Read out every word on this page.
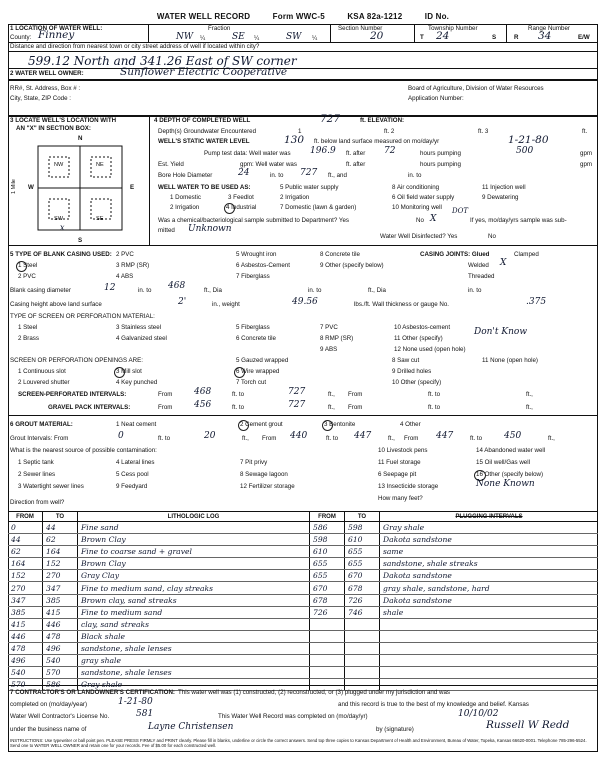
WATER WELL RECORD	Form WWC-5	KSA 82a-1212	ID No.
1 LOCATION OF WATER WELL:
County: Finney
Fraction
NW ¼	SE ¼	SW ¼
Section Number
20
Township Number
T 24	S
Range Number
R 34	E/W
Distance and direction from nearest town or city street address of well if located within city?
599.12 North and 341.26 East of SW corner
2 WATER WELL OWNER:	Sunflower Electric Cooperative
RR#, St. Address, Box # :
City, State, ZIP Code :
Board of Agriculture, Division of Water Resources
Application Number:
3 LOCATE WELL'S LOCATION WITH
AN "X" IN SECTION BOX:
N
S
W	E
NW	NE
SW	SE
x
1 Mile
4 DEPTH OF COMPLETED WELL	727	ft. ELEVATION:
Depth(s) Groundwater Encountered	1	ft. 2	ft. 3	ft.
WELL'S STATIC WATER LEVEL	130 ft. below land surface measured on mo/day/yr	1-21-80
Pump test data: Well water was 196.9 ft. after 72	hours pumping	500	gpm
Est. Yield	gpm: Well water was	ft. after	hours pumping	gpm
Bore Hole Diameter	24	in. to 727 ft., and	in. to
WELL WATER TO BE USED AS:	5 Public water supply	8 Air conditioning	11 Injection well
1 Domestic	3 Feedlot	2 Irrigation	6 Oil field water supply	9 Dewatering
2 Irrigation	4 Industrial	7 Domestic (lawn & garden)	10 Monitoring well
Was a chemical/bacteriological sample submitted to Department? Yes	No X
DOT
If yes, mo/day/yrs sample was sub-
mitted Unknown
Water Well Disinfected? Yes	No
5 TYPE OF BLANK CASING USED: 2 PVC	5 Wrought iron	8 Concrete tile	CASING JOINTS: Glued	Clamped
1 Steel	3 RMP (SR)	6 Asbestos-Cement	9 Other (specify below)	Welded X
2 PVC	4 ABS	7 Fiberglass	Threaded
Blank casing diameter	12	in. to 468	ft., Dia	in. to	ft., Dia	in. to
Casing height above land surface	2'	in., weight	49.56	lbs./ft. Wall thickness or gauge No.	.375
TYPE OF SCREEN OR PERFORATION MATERIAL:
1 Steel	3 Stainless steel	5 Fiberglass	7 PVC	10 Asbestos-cement
2 Brass	4 Galvanized steel	6 Concrete tile	8 RMP (SR)	11 Other (specify)
Don't Know
9 ABS	12 None used (open hole)
SCREEN OR PERFORATION OPENINGS ARE:	5 Gauzed wrapped	8 Saw cut	11 None (open hole)
1 Continuous slot	3 Mill slot	6 Wire wrapped	9 Drilled holes
2 Louvered shutter	4 Key punched	7 Torch cut	10 Other (specify)
SCREEN-PERFORATED INTERVALS:	From 468	ft. to	727	ft., From	ft. to	ft.,
GRAVEL PACK INTERVALS:	From 456	ft. to	727	ft., From	ft. to	ft.,
6 GROUT MATERIAL:	1 Neat cement	2 Cement grout	3 Bentonite	4 Other
Grout Intervals: From	0	ft. to	20	ft., From 440	ft. to 447	ft., From 447	ft. to 450	ft.,
What is the nearest source of possible contamination:	10 Livestock pens	14 Abandoned water well
1 Septic tank	4 Lateral lines	7 Pit privy	11 Fuel storage	15 Oil well/Gas well
2 Sewer lines	5 Cess pool	8 Sewage lagoon	6 Seepage pit	16 Other (specify below)
3 Watertight sewer lines	9 Feedyard	12 Fertilizer storage	13 Insecticide storage	None Known
Direction from well?
How many feet?
FROM	TO	LITHOLOGIC LOG
0	44	Fine sand
44	62	Brown Clay
62	164	Fine to coarse sand + gravel
164	152	Brown Clay
152	270	Gray Clay
270	347	Fine to medium sand, clay streaks
347	385	Brown clay, sand streaks
385	415	Fine to medium sand
415	446	clay, sand streaks
446	478	Black shale
478	496	sandstone, shale lenses
496	540	gray shale
540	570	sandstone, shale lenses
570	586	Gray shale
FROM	TO	PLUGGING INTERVALS
586	598	Gray shale
598	610	Dakota sandstone
610	655	same
655	655	sandstone, shale streaks
655	670	Dakota sandstone
670	678	gray shale, sandstone, hard
678	726	Dakota sandstone
726	746	shale

7 CONTRACTOR'S OR LANDOWNER'S CERTIFICATION: This water well was (1) constructed, (2) reconstructed, or (3) plugged under my jurisdiction and was
completed on (mo/day/year)	1-21-80	and this record is true to the best of my knowledge and belief. Kansas
Water Well Contractor's License No.	581	This Water Well Record was completed on (mo/day/yr)	10/10/02
under the business name of	Layne Christensen	by (signature)	Russell W Redd
INSTRUCTIONS: Use typewriter or ball point pen. PLEASE PRESS FIRMLY and PRINT clearly. Please fill in blanks, underline or circle the correct answers. Send top three copies to Kansas Department of Health and Environment, Bureau of Water, Topeka, Kansas 66620-0001. Telephone 785-296-5524. Send one to WATER WELL OWNER and retain one for your records. Fee of $5.00 for each constructed well.
